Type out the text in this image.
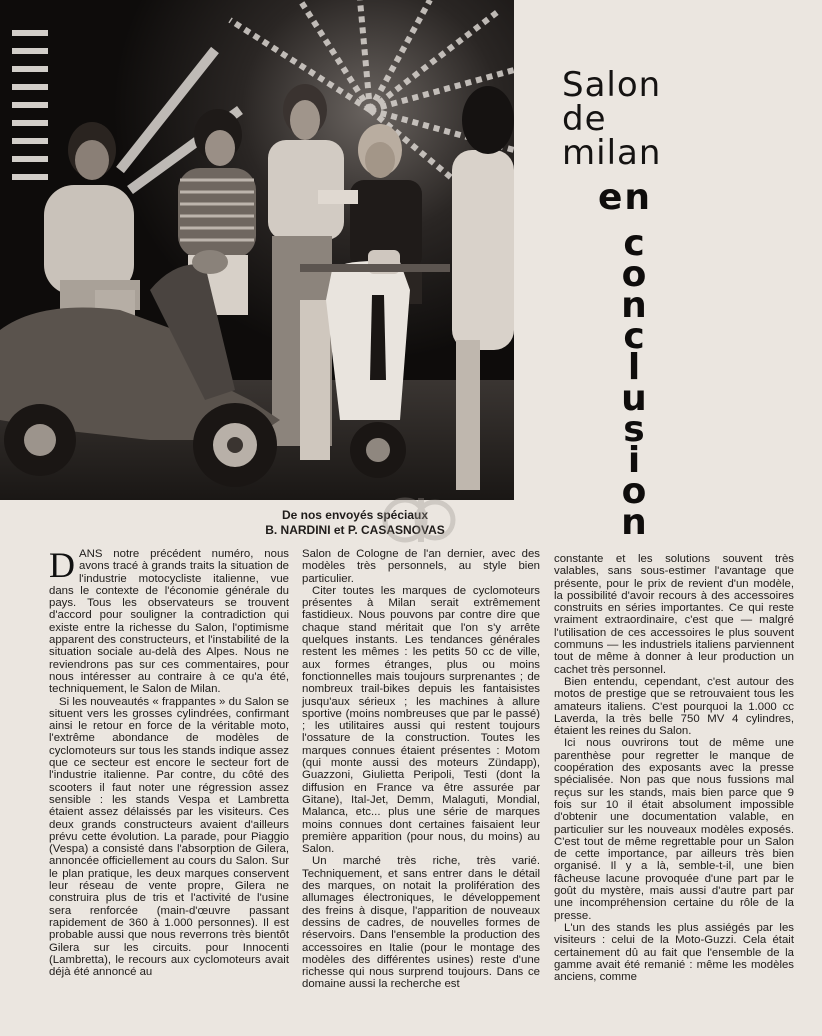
Salon
de
milan
en
c
o
n
c
l
u
s
i
o
n
De nos envoyés spéciaux
B. NARDINI et P. CASASNOVAS

DANS notre précédent numéro, nous avons tracé à grands traits la situation de l'industrie motocycliste italienne, vue dans le contexte de l'économie générale du pays. Tous les observateurs se trouvent d'accord pour souligner la contradiction qui existe entre la richesse du Salon, l'optimisme apparent des constructeurs, et l'instabilité de la situation sociale au-delà des Alpes. Nous ne reviendrons pas sur ces commentaires, pour nous intéresser au contraire à ce qu'a été, techniquement, le Salon de Milan.

Si les nouveautés « frappantes » du Salon se situent vers les grosses cylindrées, confirmant ainsi le retour en force de la véritable moto, l'extrême abondance de modèles de cyclomoteurs sur tous les stands indique assez que ce secteur est encore le secteur fort de l'industrie italienne. Par contre, du côté des scooters il faut noter une régression assez sensible : les stands Vespa et Lambretta étaient assez délaissés par les visiteurs. Ces deux grands constructeurs avaient d'ailleurs prévu cette évolution. La parade, pour Piaggio (Vespa) a consisté dans l'absorption de Gilera, annoncée officiellement au cours du Salon. Sur le plan pratique, les deux marques conservent leur réseau de vente propre, Gilera ne construira plus de tris et l'activité de l'usine sera renforcée (main-d'œuvre passant rapidement de 360 à 1.000 personnes). Il est probable aussi que nous reverrons très bientôt Gilera sur les circuits. pour Innocenti (Lambretta), le recours aux cyclomoteurs avait déjà été annoncé au

Salon de Cologne de l'an dernier, avec des modèles très personnels, au style bien particulier.

Citer toutes les marques de cyclomoteurs présentes à Milan serait extrêmement fastidieux. Nous pouvons par contre dire que chaque stand méritait que l'on s'y arrête quelques instants. Les tendances générales restent les mêmes : les petits 50 cc de ville, aux formes étranges, plus ou moins fonctionnelles mais toujours surprenantes ; de nombreux trail-bikes depuis les fantaisistes jusqu'aux sérieux ; les machines à allure sportive (moins nombreuses que par le passé) ; les utilitaires aussi qui restent toujours l'ossature de la construction. Toutes les marques connues étaient présentes : Motom (qui monte aussi des moteurs Zündapp), Guazzoni, Giulietta Peripoli, Testi (dont la diffusion en France va être assurée par Gitane), Ital-Jet, Demm, Malaguti, Mondial, Malanca, etc... plus une série de marques moins connues dont certaines faisaient leur première apparition (pour nous, du moins) au Salon.

Un marché très riche, très varié. Techniquement, et sans entrer dans le détail des marques, on notait la prolifération des allumages électroniques, le développement des freins à disque, l'apparition de nouveaux dessins de cadres, de nouvelles formes de réservoirs. Dans l'ensemble la production des accessoires en Italie (pour le montage des modèles des différentes usines) reste d'une richesse qui nous surprend toujours. Dans ce domaine aussi la recherche est

constante et les solutions souvent très valables, sans sous-estimer l'avantage que présente, pour le prix de revient d'un modèle, la possibilité d'avoir recours à des accessoires construits en séries importantes. Ce qui reste vraiment extraordinaire, c'est que — malgré l'utilisation de ces accessoires le plus souvent communs — les industriels italiens parviennent tout de même à donner à leur production un cachet très personnel.

Bien entendu, cependant, c'est autour des motos de prestige que se retrouvaient tous les amateurs italiens. C'est pourquoi la 1.000 cc Laverda, la très belle 750 MV 4 cylindres, étaient les reines du Salon.

Ici nous ouvrirons tout de même une parenthèse pour regretter le manque de coopération des exposants avec la presse spécialisée. Non pas que nous fussions mal reçus sur les stands, mais bien parce que 9 fois sur 10 il était absolument impossible d'obtenir une documentation valable, en particulier sur les nouveaux modèles exposés. C'est tout de même regrettable pour un Salon de cette importance, par ailleurs très bien organisé. Il y a là, semble-t-il, une bien fâcheuse lacune provoquée d'une part par le goût du mystère, mais aussi d'autre part par une incompréhension certaine du rôle de la presse.

L'un des stands les plus assiégés par les visiteurs : celui de la Moto-Guzzi. Cela était certainement dû au fait que l'ensemble de la gamme avait été remanié : même les modèles anciens, comme
